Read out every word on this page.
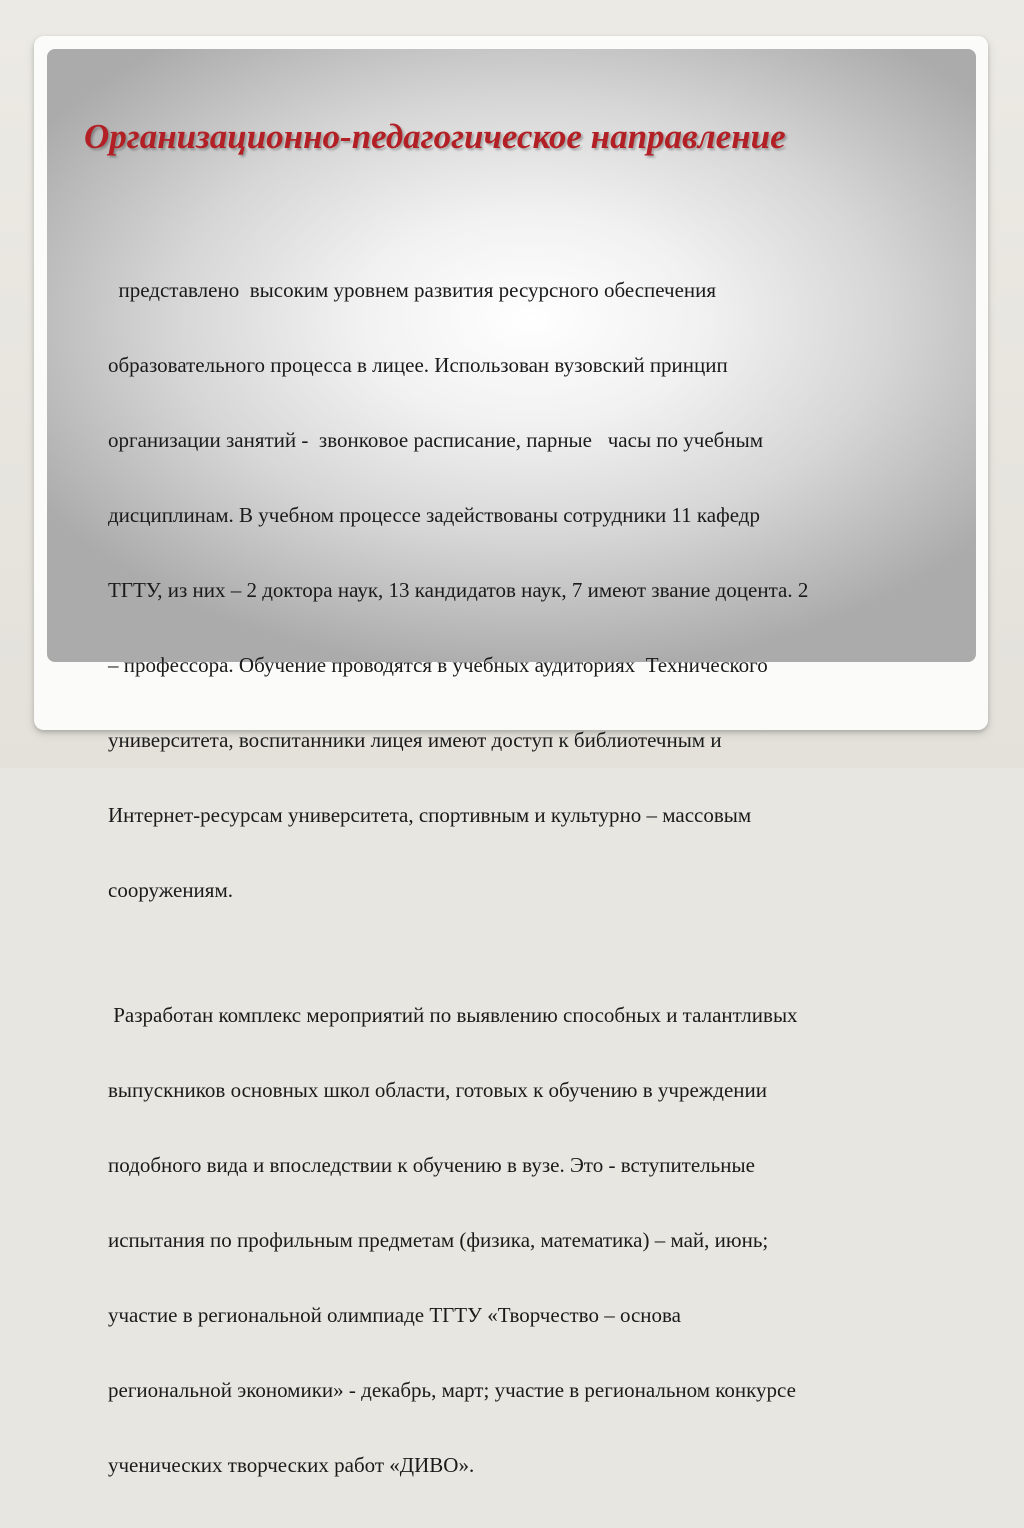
Организационно-педагогическое направление

представлено  высоким уровнем развития ресурсного обеспечения

образовательного процесса в лицее. Использован вузовский принцип

организации занятий -  звонковое расписание, парные   часы по учебным

дисциплинам. В учебном процессе задействованы сотрудники 11 кафедр

ТГТУ, из них – 2 доктора наук, 13 кандидатов наук, 7 имеют звание доцента. 2

– профессора. Обучение проводятся в учебных аудиториях  Технического

университета, воспитанники лицея имеют доступ к библиотечным и

Интернет-ресурсам университета, спортивным и культурно – массовым

сооружениям.

Разработан комплекс мероприятий по выявлению способных и талантливых

выпускников основных школ области, готовых к обучению в учреждении

подобного вида и впоследствии к обучению в вузе. Это - вступительные

испытания по профильным предметам (физика, математика) – май, июнь;

участие в региональной олимпиаде ТГТУ «Творчество – основа

региональной экономики» - декабрь, март; участие в региональном конкурсе

ученических творческих работ «ДИВО».
